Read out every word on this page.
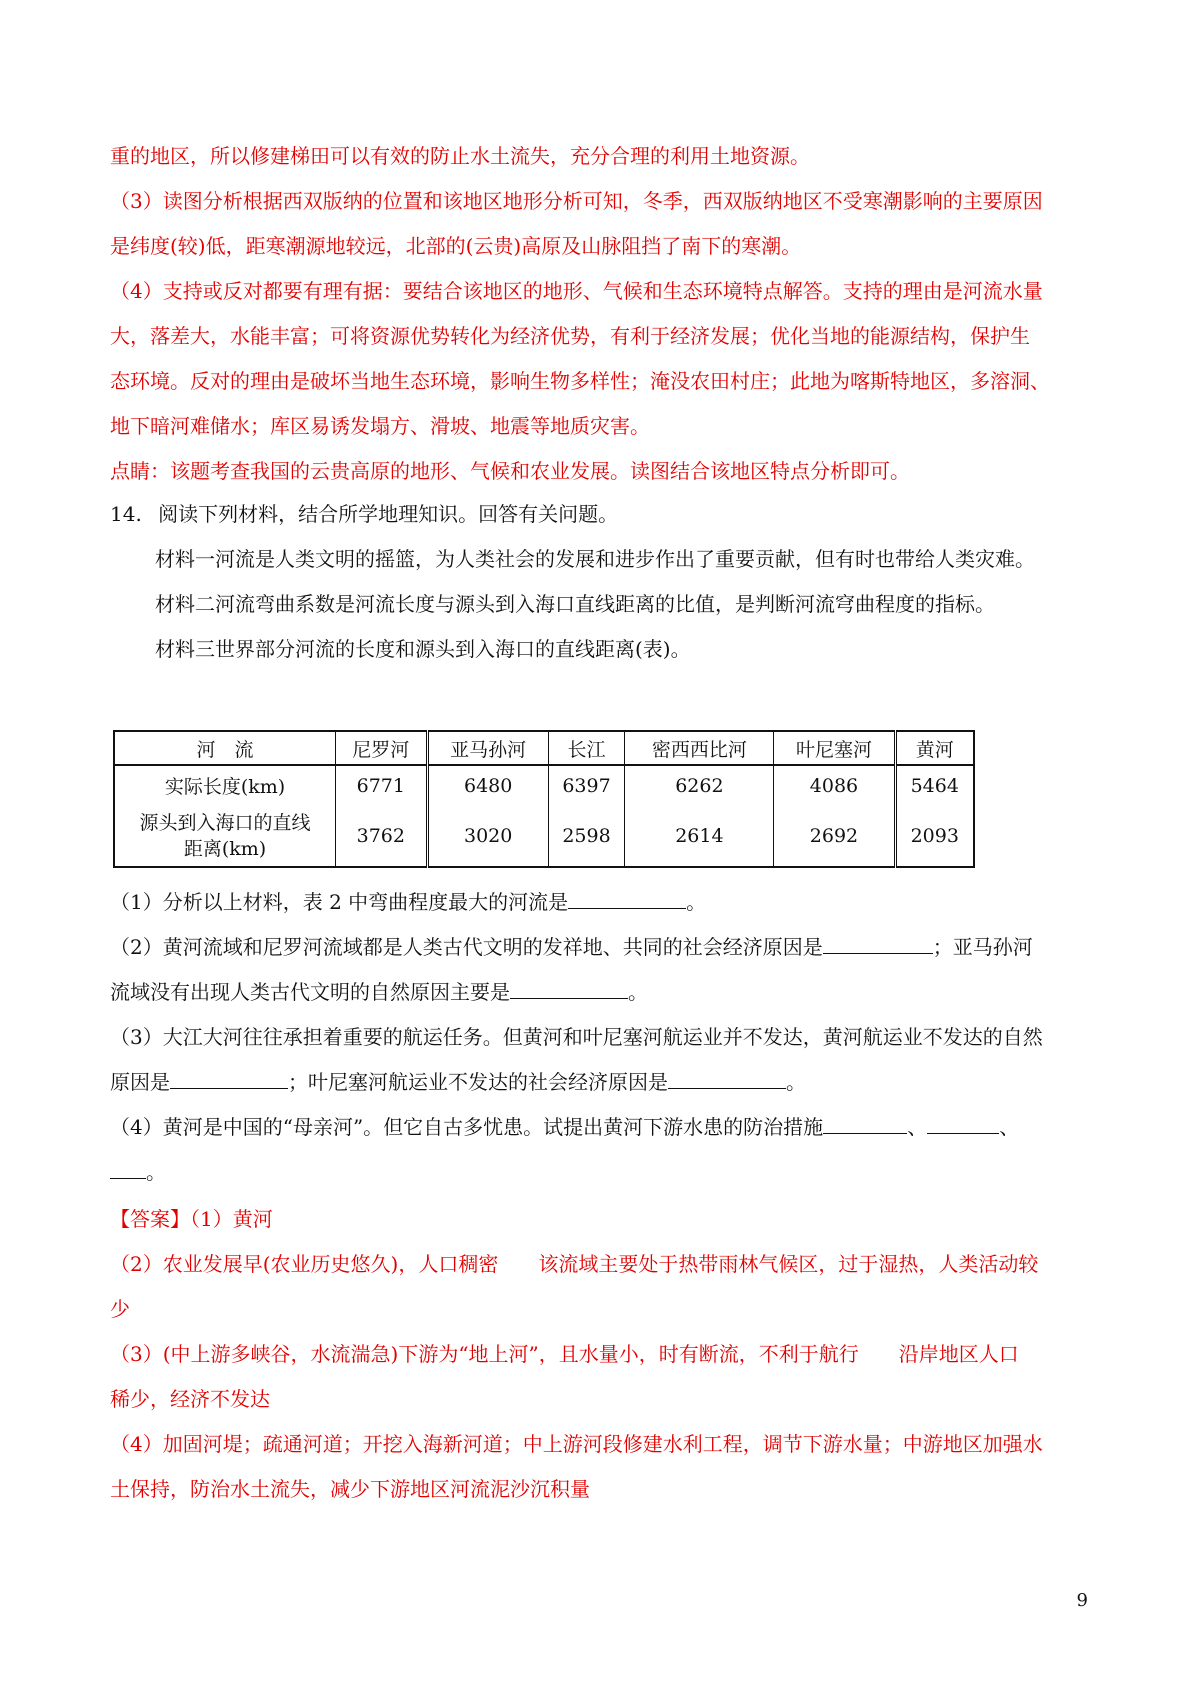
重的地区，所以修建梯田可以有效的防止水土流失，充分合理的利用土地资源。
（3）读图分析根据西双版纳的位置和该地区地形分析可知，冬季，西双版纳地区不受寒潮影响的主要原因
是纬度(较)低，距寒潮源地较远，北部的(云贵)高原及山脉阻挡了南下的寒潮。
（4）支持或反对都要有理有据：要结合该地区的地形、气候和生态环境特点解答。支持的理由是河流水量
大，落差大，水能丰富；可将资源优势转化为经济优势，有利于经济发展；优化当地的能源结构，保护生
态环境。反对的理由是破坏当地生态环境，影响生物多样性；淹没农田村庄；此地为喀斯特地区，多溶洞、
地下暗河难储水；库区易诱发塌方、滑坡、地震等地质灾害。
点睛：该题考查我国的云贵高原的地形、气候和农业发展。读图结合该地区特点分析即可。
14. 阅读下列材料，结合所学地理知识。回答有关问题。
材料一河流是人类文明的摇篮，为人类社会的发展和进步作出了重要贡献，但有时也带给人类灾难。
材料二河流弯曲系数是河流长度与源头到入海口直线距离的比值，是判断河流穹曲程度的指标。
材料三世界部分河流的长度和源头到入海口的直线距离(表)。
河　流	尼罗河	亚马孙河	长江	密西西比河	叶尼塞河	黄河
实际长度(km)	6771	6480	6397	6262	4086	5464

源头到入海口的直线
距离(km)	3762	3020	2598	2614	2692	2093
（1）分析以上材料，表 2 中弯曲程度最大的河流是	。
（2）黄河流域和尼罗河流域都是人类古代文明的发祥地、共同的社会经济原因是	；亚马孙河
流域没有出现人类古代文明的自然原因主要是	。
（3）大江大河往往承担着重要的航运任务。但黄河和叶尼塞河航运业并不发达，黄河航运业不发达的自然
原因是	；叶尼塞河航运业不发达的社会经济原因是	。
（4）黄河是中国的“母亲河”。但它自古多忧患。试提出黄河下游水患的防治措施	、	、
。
【答案】（1）黄河
（2）农业发展早(农业历史悠久)，人口稠密　　该流域主要处于热带雨林气候区，过于湿热，人类活动较
少
（3）(中上游多峡谷，水流湍急)下游为“地上河”，且水量小，时有断流，不利于航行　　沿岸地区人口
稀少，经济不发达
（4）加固河堤；疏通河道；开挖入海新河道；中上游河段修建水利工程，调节下游水量；中游地区加强水
土保持，防治水土流失，减少下游地区河流泥沙沉积量
9
